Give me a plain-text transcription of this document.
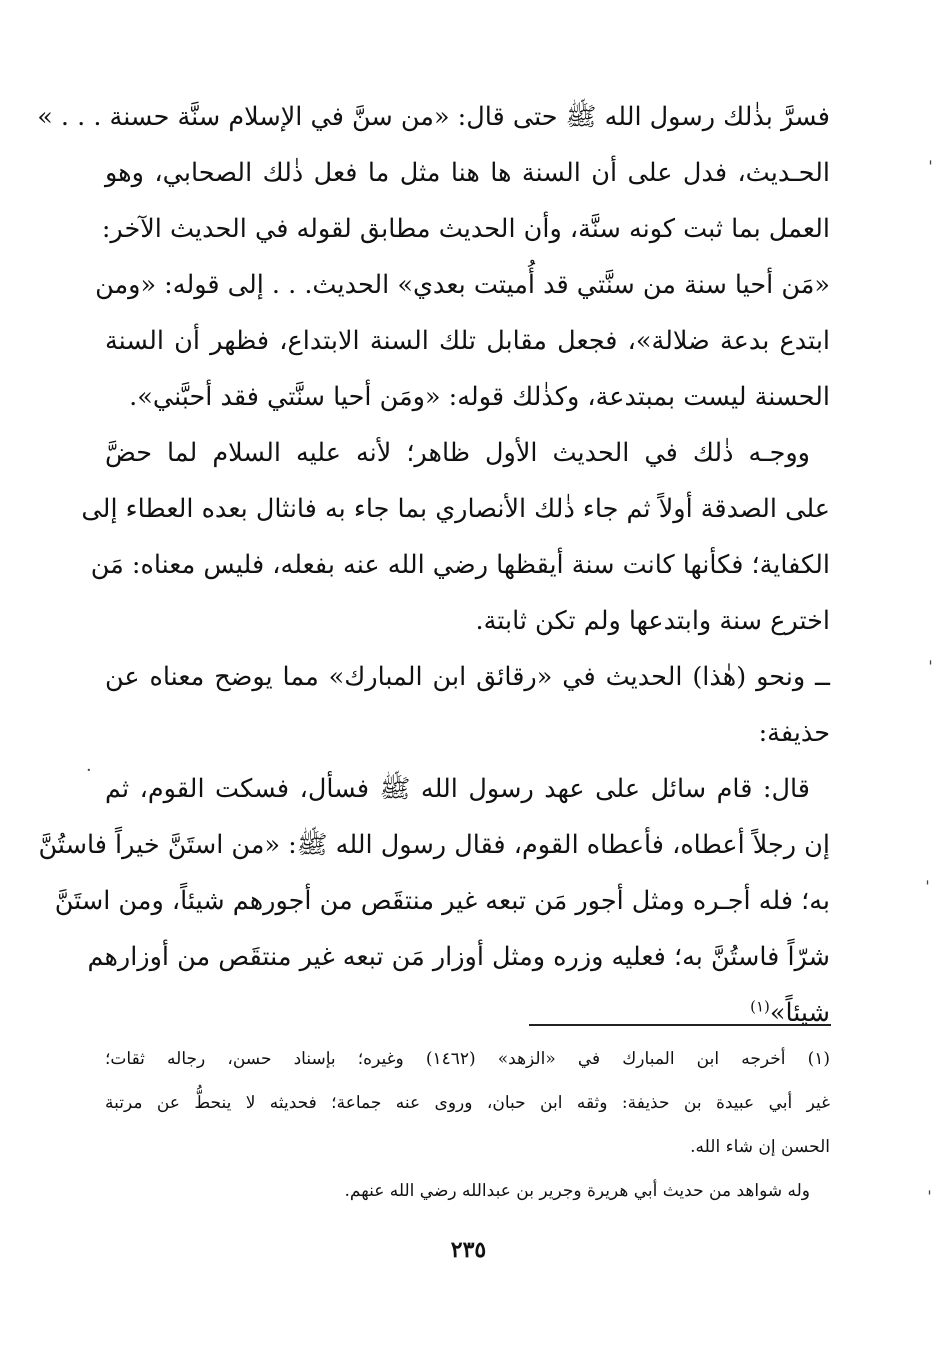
فسرَّ بذٰلك رسول الله ﷺ حتى قال: «من سنَّ في الإسلام سنَّة حسنة . . . »
الحـديث، فدل على أن السنة ها هنا مثل ما فعل ذٰلك الصحابي، وهو
العمل بما ثبت كونه سنَّة، وأن الحديث مطابق لقوله في الحديث الآخر:
«مَن أحيا سنة من سنَّتي قد أُميتت بعدي» الحديث. . . إلى قوله: «ومن
ابتدع بدعة ضلالة»، فجعل مقابل تلك السنة الابتداع، فظهر أن السنة
الحسنة ليست بمبتدعة، وكذٰلك قوله: «ومَن أحيا سنَّتي فقد أحبَّني».
ووجـه ذٰلك في الحديث الأول ظاهر؛ لأنه عليه السلام لما حضَّ
على الصدقة أولاً ثم جاء ذٰلك الأنصاري بما جاء به فانثال بعده العطاء إلى
الكفاية؛ فكأنها كانت سنة أيقظها رضي الله عنه بفعله، فليس معناه: مَن
اخترع سنة وابتدعها ولم تكن ثابتة.
ــ ونحو (هٰذا) الحديث في «رقائق ابن المبارك» مما يوضح معناه عن
حذيفة:
قال: قام سائل على عهد رسول الله ﷺ فسأل، فسكت القوم، ثم
إن رجلاً أعطاه، فأعطاه القوم، فقال رسول الله ﷺ: «من استَنَّ خيراً فاستُنَّ
به؛ فله أجـره ومثل أجور مَن تبعه غير منتقَص من أجورهم شيئاً، ومن استَنَّ
شرّاً فاستُنَّ به؛ فعليه وزره ومثل أوزار مَن تبعه غير منتقَص من أوزارهم
شيئاً»$^{(١)}$
(١) أخرجه ابن المبارك في «الزهد» (١٤٦٢) وغيره؛ بإسناد حسن، رجاله ثقات؛
غير أبي عبيدة بن حذيفة: وثقه ابن حبان، وروى عنه جماعة؛ فحديثه لا ينحطُّ عن مرتبة
الحسن إن شاء الله.
وله شواهد من حديث أبي هريرة وجرير بن عبدالله رضي الله عنهم.
٢٣٥
ˈ
ˈ
ˈ
ˈ
·
